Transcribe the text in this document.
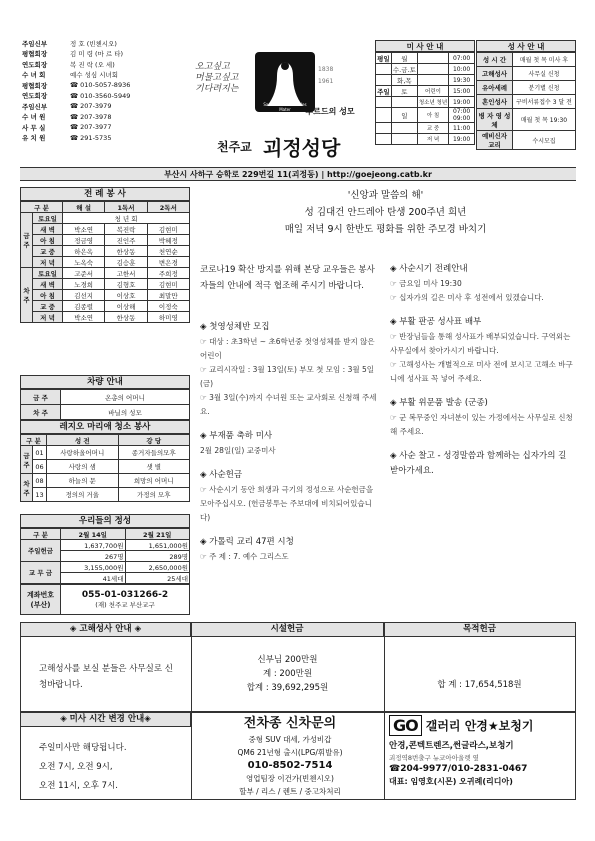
주임신부	정 호 (빈첸시오)
평협회장	김 미 령 (마 르 타)
연도회장	복 진 락 (오 세)
수 녀 회	예수 성심 시녀회
평협회장	☎ 010-5057-8936
연도회장	☎ 010-3560-5949
주임신부	☎ 207-3979
수 녀 원	☎ 207-3978
사 무 실	☎ 207-3977
유 치 원	☎ 291-5735
오고싶고
머물고싶고
기다려지는
Sancta Maria Lourdes Mater
1838
1961
루르드의 성모
천주교 괴정성당
미 사 안 내
평일	월		07:00
	수.금.토		10:00
	화,목		19:30
주일	토	어린이	15:00
		청소년 청년	19:00
	일	아 침	07:00 09:00
		교 중	11:00
		저 녁	19:00
성 사 안 내
성 시 간	매월 첫 목 미사 후
고해성사	사무실 신청
유아세례	분기별 신청
혼인성사	구비서류접수 3 달 전
병 자 영 성 체	매월 첫 목 19:30
예비신자 교리	수시모집
부산시 사하구 승학로 229번길 11(괴정동) | http://goejeong.catb.kr
전 례 봉 사
구 분		해 설	1독서	2독서
금주	토요일	청 년 회		
	새 벽	박소연	복진락	김현미
	아 침	정금영	진인주	박혜정
	교 중	하은옥	한상동	천연순
	저 녁	노옥숙	김승훈	변은경
차주	토요일	고준서	고한서	주희정
	새 벽	노경희	김형호	김현미
	아 침	김선지	이상호	최말만
	교 중	김종렬	이상해	이정숙
	저 녁	박소연	한상동	하미영
차량 안내
금 주	온총의 어머니
차 주	바닐의 성모
레지오 마리애 청소 봉사
구 분		성 전	강 당
금주	01	사랑하올어머니	종거자들의모후
	06	사랑의 샘	샛 별
차주	08	하늘의 문	희망의 어머니
	13	정의의 거울	가정의 모후
우리들의 정성
구 분	2월 14일	2월 21일
주일헌금	1,637,700원	1,651,000원
	267명	289명
교 무 금	3,155,000원	2,650,000원
	41세대	25세대
계좌번호 (부산)	
055-01-031266-2
(재) 천주교 부산교구
'신앙과 말씀의 해'
성 김대건 안드레아 탄생 200주년 희년
매일 저녁 9시 한반도 평화를 위한 주모경 바치기
코로나19 확산 방지를 위해 본당 교우들은 봉사자들의 안내에 적극 협조해 주시기 바랍니다.
◈ 첫영성체반 모집
☞ 대상 : 초3학년 ~ 초6학년중 첫영성체를 받지 않은 어린이
☞ 교리시작일 : 3월 13일(토) 부모 첫 모임 : 3월 5일(금)
☞ 3월 3일(수)까지 수녀원 또는 교사회로 신청해 주세요.
◈ 부재품 축하 미사
2월 28일(일) 교중미사
◈ 사순헌금
☞ 사순시기 동안 희생과 극기의 정성으로 사순헌금을 모아주십시오. (헌금봉투는 주보대에 비치되어있습니다)
◈ 가톨릭 교리 47편 시청
☞ 주 제 : 7. 예수 그리스도
◈ 사순시기 전례안내
☞ 금요일 미사 19:30
☞ 십자가의 길은 미사 후 성전에서 있겠습니다.
◈ 부활 판공 성사표 배부
☞ 반장님들을 통해 성사표가 배부되었습니다. 구역외는 사무실에서 찾아가시기 바랍니다.
☞ 고해성사는 개별적으로 미사 전에 보시고 고해소 바구니에 성사표 꼭 넣어 주세요.
◈ 부활 위문품 발송 (군종)
☞ 군 복무중인 자녀분이 있는 가정에서는 사무실로 신청해 주세요.
◈ 사순 찰고 - 성경말씀과 함께하는 십자가의 길 받아가세요.
◈ 고해성사 안내 ◈
고해성사를 보실 분들은 사무실로 신청바랍니다.
시설헌금
신부님 200만원
계 : 200만원
합계 : 39,692,295원
목적헌금
합 계 : 17,654,518원
◈ 미사 시간 변경 안내◈
주일미사만 해당됩니다.
오전 7시, 오전 9시,
오전 11시, 오후 7시.
전차종 신차문의
중형 SUV 대세, 가성비갑
QM6 21년형 출시(LPG/휘발유)
010-8502-7514
영업팀장 이건가(빈첸시오)
할부 / 리스 / 렌트 / 중고차처리
GO 갤러리 안경★보청기
안경,콘텍트렌즈,썬글라스,보청기
괴정역8번출구 뉴코아아울렛 옆
☎204-9977/010-2831-0467
대표: 임영호(시몬) 오귀례(리디아)
